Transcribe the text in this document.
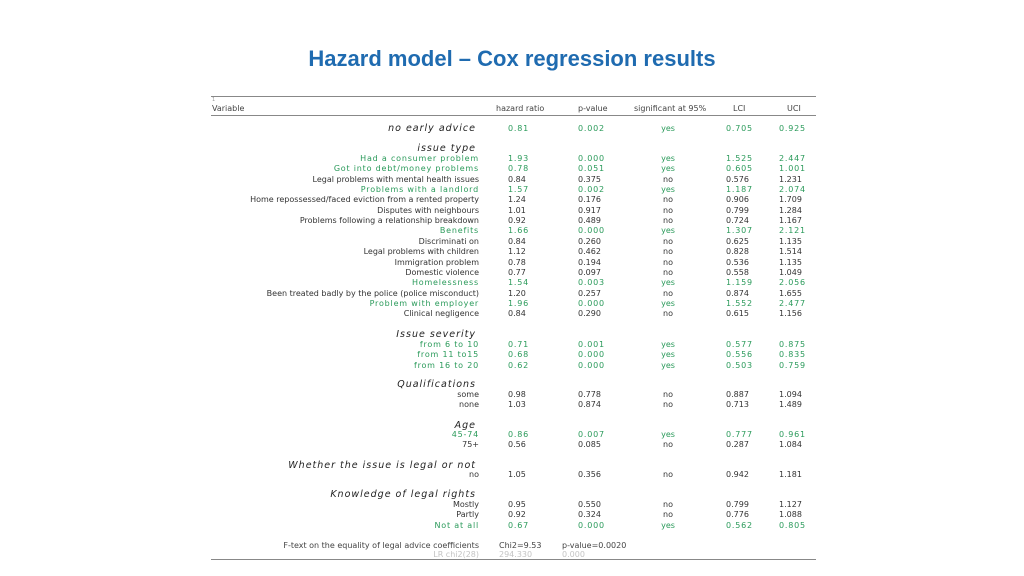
Hazard model – Cox regression results
1
Variable	hazard ratio	p-value	significant at 95%	LCI	UCI
no early advice	0.81	0.002	yes	0.705	0.925
issue type
Had a consumer problem	1.93	0.000	yes	1.525	2.447
Got into debt/money problems	0.78	0.051	yes	0.605	1.001
Legal problems with mental health issues	0.84	0.375	no	0.576	1.231
Problems with a landlord	1.57	0.002	yes	1.187	2.074
Home repossessed/faced eviction from a rented property	1.24	0.176	no	0.906	1.709
Disputes with neighbours	1.01	0.917	no	0.799	1.284
Problems following a relationship breakdown	0.92	0.489	no	0.724	1.167
Benefits	1.66	0.000	yes	1.307	2.121
Discriminati on	0.84	0.260	no	0.625	1.135
Legal problems with children	1.12	0.462	no	0.828	1.514
Immigration problem	0.78	0.194	no	0.536	1.135
Domestic violence	0.77	0.097	no	0.558	1.049
Homelessness	1.54	0.003	yes	1.159	2.056
Been treated badly by the police (police misconduct)	1.20	0.257	no	0.874	1.655
Problem with employer	1.96	0.000	yes	1.552	2.477
Clinical negligence	0.84	0.290	no	0.615	1.156
Issue severity
from 6 to 10	0.71	0.001	yes	0.577	0.875
from 11 to15	0.68	0.000	yes	0.556	0.835
from 16 to 20	0.62	0.000	yes	0.503	0.759
Qualifications
some	0.98	0.778	no	0.887	1.094
none	1.03	0.874	no	0.713	1.489
Age
45-74	0.86	0.007	yes	0.777	0.961
75+	0.56	0.085	no	0.287	1.084
Whether the issue is legal or not
no	1.05	0.356	no	0.942	1.181
Knowledge of legal rights
Mostly	0.95	0.550	no	0.799	1.127
Partly	0.92	0.324	no	0.776	1.088
Not at all	0.67	0.000	yes	0.562	0.805
F-text on the equality of legal advice coefficients	Chi2=9.53	p-value=0.0020
LR chi2(28)	294.330	0.000
